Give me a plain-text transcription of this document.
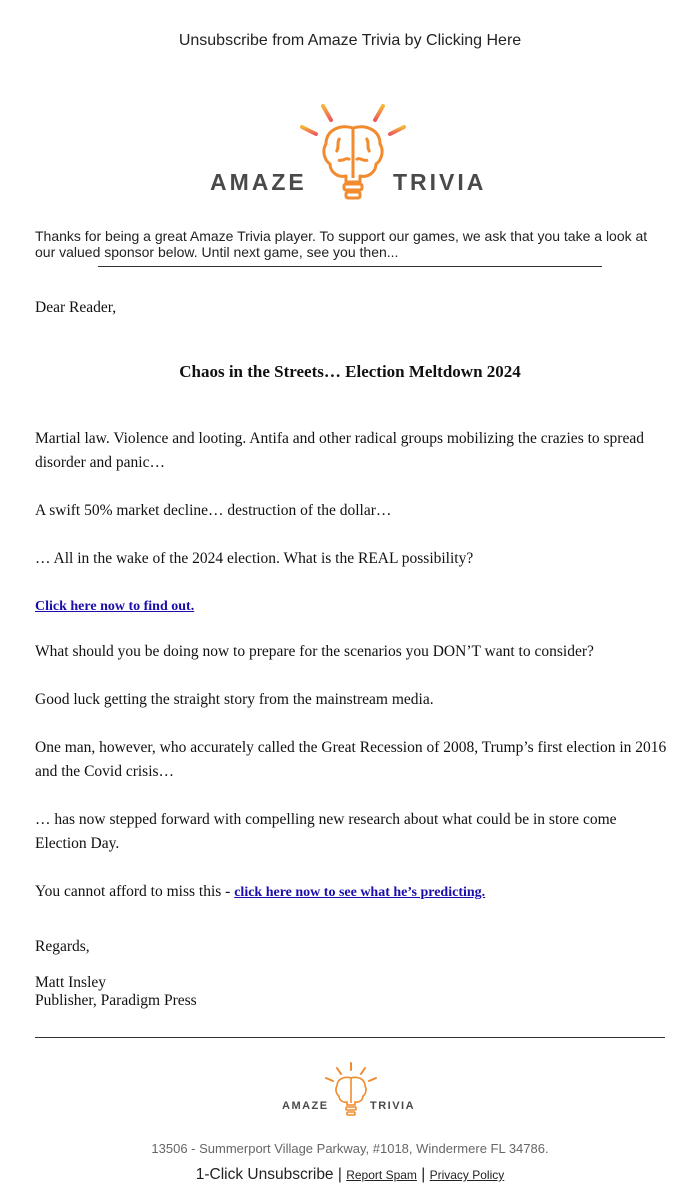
Unsubscribe from Amaze Trivia by Clicking Here
AMAZE	TRIVIA
Thanks for being a great Amaze Trivia player. To support our games, we ask that you take a look at our valued sponsor below. Until next game, see you then...
Dear Reader,
Chaos in the Streets… Election Meltdown 2024

Martial law. Violence and looting. Antifa and other radical groups mobilizing the crazies to spread disorder and panic…

A swift 50% market decline… destruction of the dollar…

… All in the wake of the 2024 election. What is the REAL possibility?

Click here now to find out.

What should you be doing now to prepare for the scenarios you DON’T want to consider?

Good luck getting the straight story from the mainstream media.

One man, however, who accurately called the Great Recession of 2008, Trump’s first election in 2016 and the Covid crisis…

… has now stepped forward with compelling new research about what could be in store come Election Day.

You cannot afford to miss this - click here now to see what he’s predicting.

Regards,
Matt Insley
Publisher, Paradigm Press
AMAZE	TRIVIA
13506 - Summerport Village Parkway, #1018, Windermere FL 34786.
1-Click Unsubscribe | Report Spam | Privacy Policy
